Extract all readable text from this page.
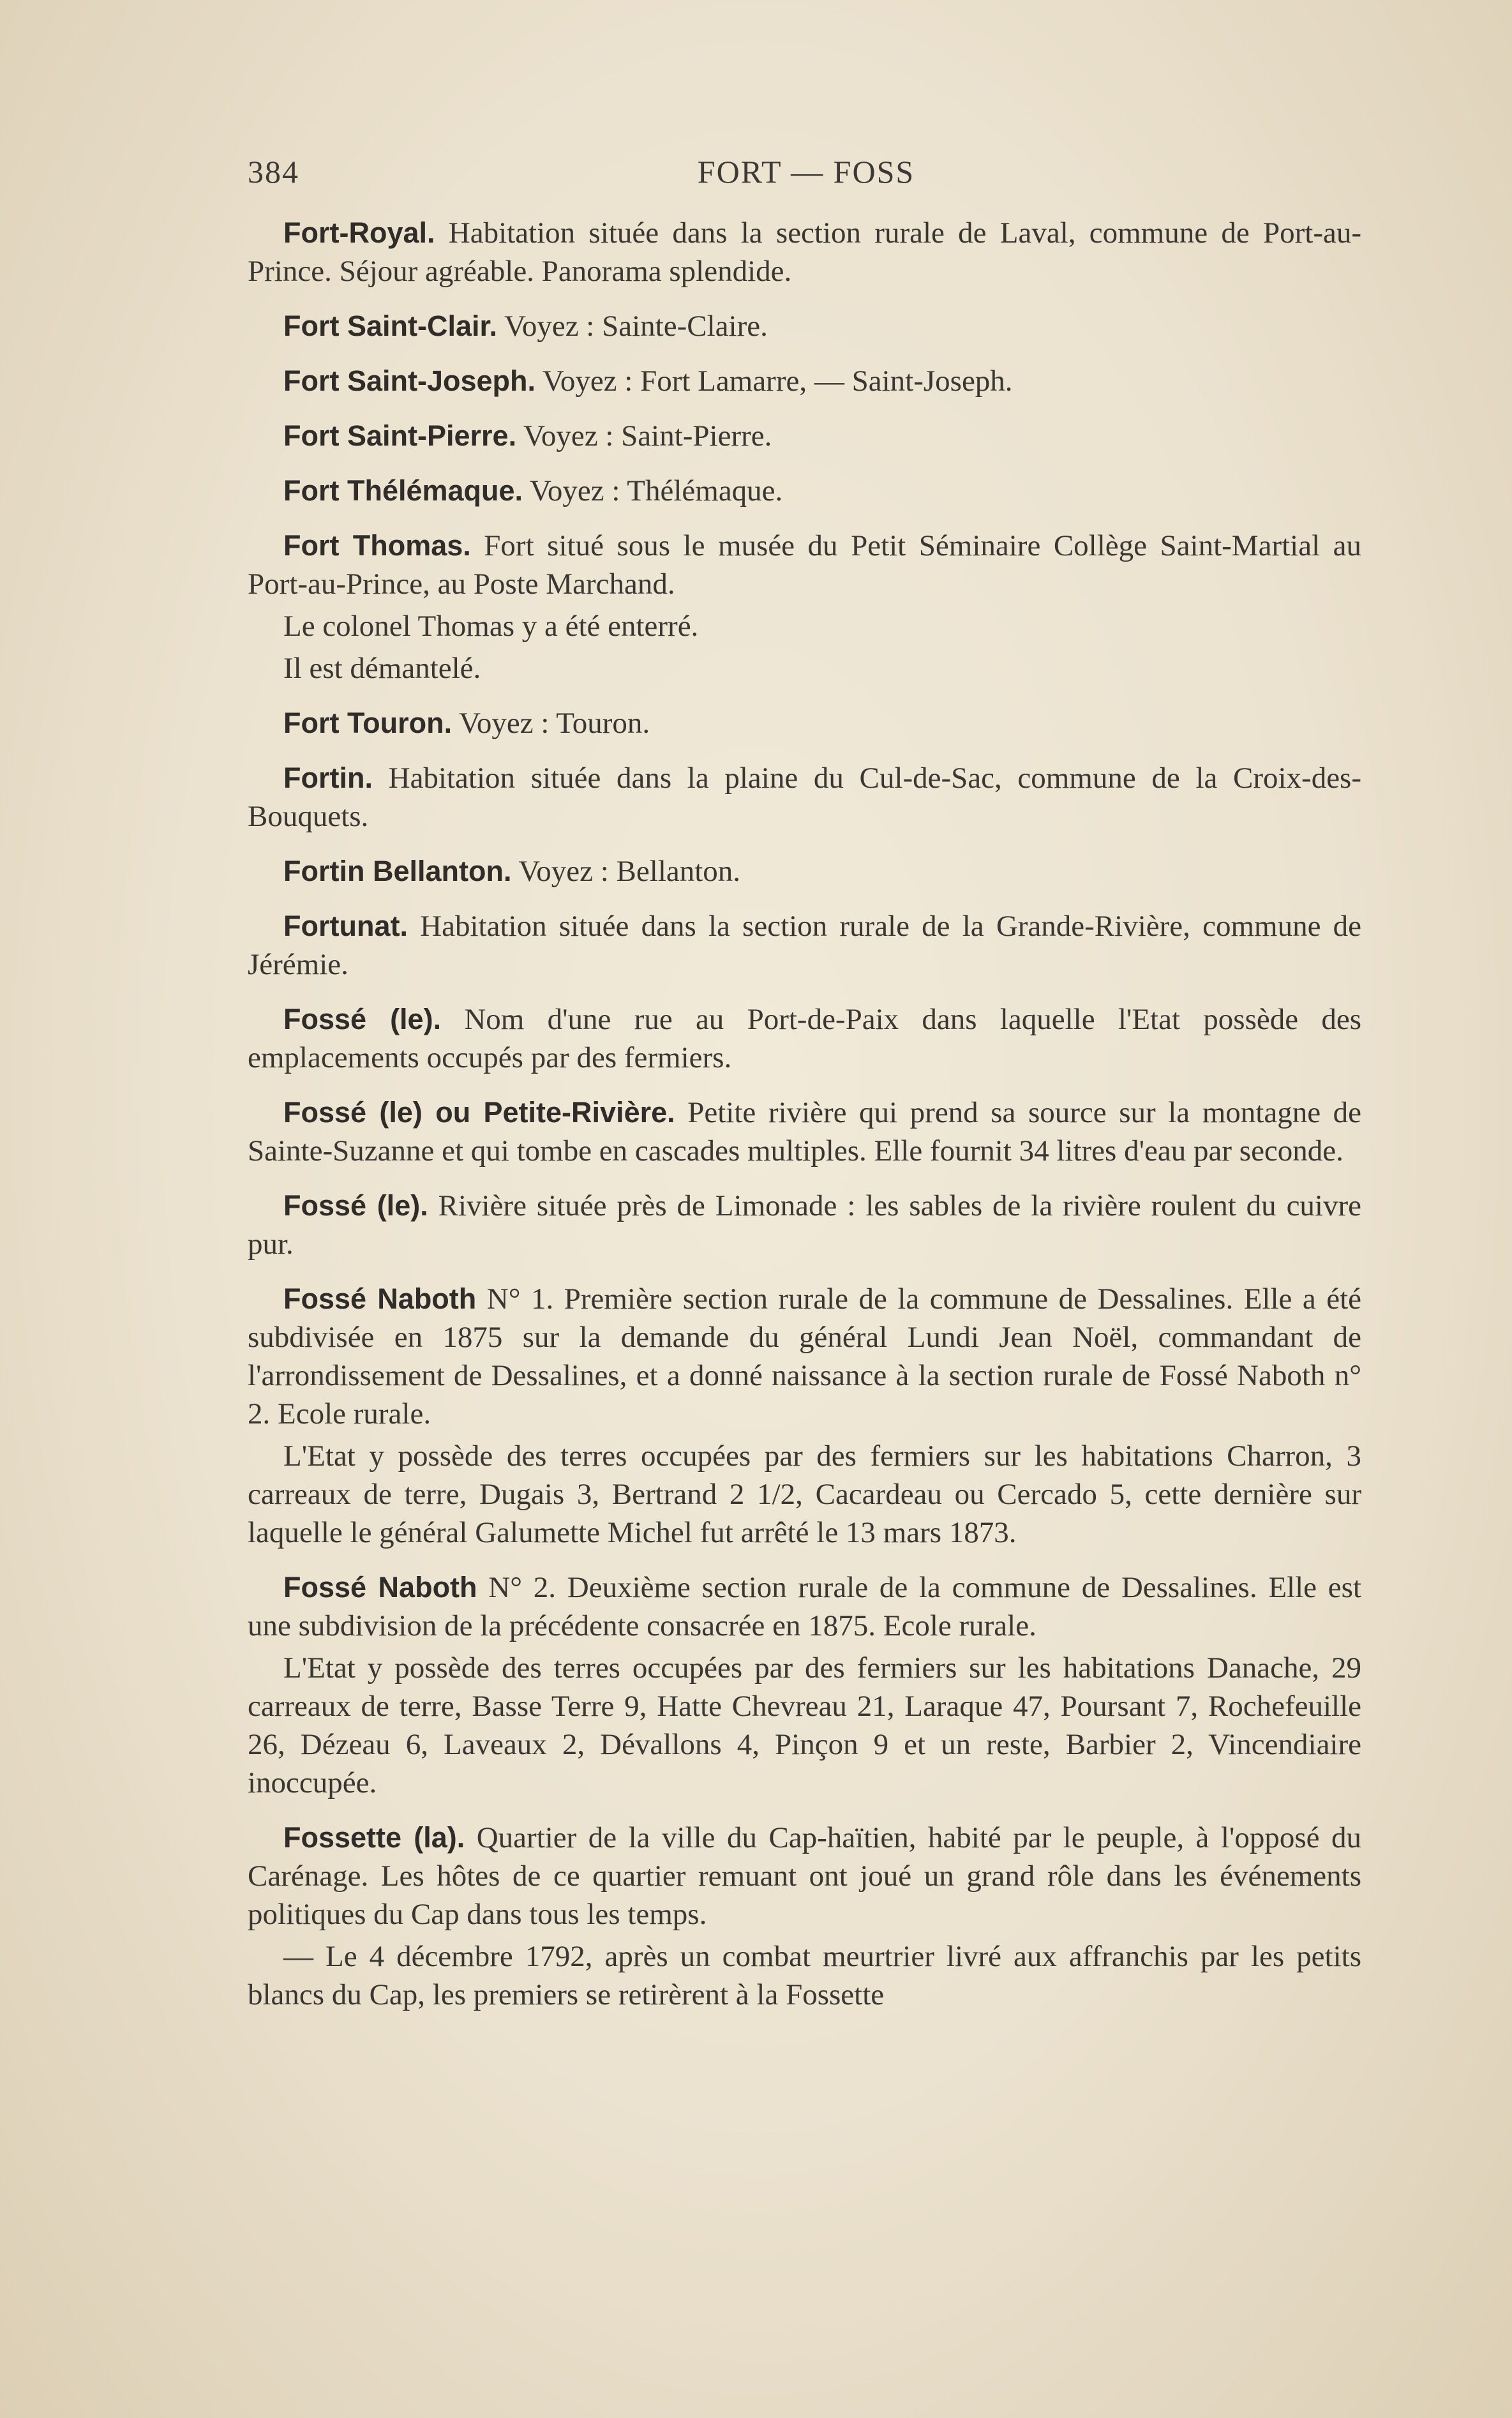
384	FORT — FOSS

Fort-Royal. Habitation située dans la section rurale de Laval, commune de Port-au-Prince. Séjour agréable. Panorama splendide.

Fort Saint-Clair. Voyez : Sainte-Claire.

Fort Saint-Joseph. Voyez : Fort Lamarre, — Saint-Joseph.

Fort Saint-Pierre. Voyez : Saint-Pierre.

Fort Thélémaque. Voyez : Thélémaque.

Fort Thomas. Fort situé sous le musée du Petit Séminaire Collège Saint-Martial au Port-au-Prince, au Poste Marchand.

Le colonel Thomas y a été enterré.

Il est démantelé.

Fort Touron. Voyez : Touron.

Fortin. Habitation située dans la plaine du Cul-de-Sac, commune de la Croix-des-Bouquets.

Fortin Bellanton. Voyez : Bellanton.

Fortunat. Habitation située dans la section rurale de la Grande-Rivière, commune de Jérémie.

Fossé (le). Nom d'une rue au Port-de-Paix dans laquelle l'Etat possède des emplacements occupés par des fermiers.

Fossé (le) ou Petite-Rivière. Petite rivière qui prend sa source sur la montagne de Sainte-Suzanne et qui tombe en cascades multiples. Elle fournit 34 litres d'eau par seconde.

Fossé (le). Rivière située près de Limonade : les sables de la rivière roulent du cuivre pur.

Fossé Naboth N° 1. Première section rurale de la commune de Dessalines. Elle a été subdivisée en 1875 sur la demande du général Lundi Jean Noël, commandant de l'arrondissement de Dessalines, et a donné naissance à la section rurale de Fossé Naboth n° 2. Ecole rurale.

L'Etat y possède des terres occupées par des fermiers sur les habitations Charron, 3 carreaux de terre, Dugais 3, Bertrand 2 1/2, Cacardeau ou Cercado 5, cette dernière sur laquelle le général Galumette Michel fut arrêté le 13 mars 1873.

Fossé Naboth N° 2. Deuxième section rurale de la commune de Dessalines. Elle est une subdivision de la précédente consacrée en 1875. Ecole rurale.

L'Etat y possède des terres occupées par des fermiers sur les habitations Danache, 29 carreaux de terre, Basse Terre 9, Hatte Chevreau 21, Laraque 47, Poursant 7, Rochefeuille 26, Dézeau 6, Laveaux 2, Dévallons 4, Pinçon 9 et un reste, Barbier 2, Vincendiaire inoccupée.

Fossette (la). Quartier de la ville du Cap-haïtien, habité par le peuple, à l'opposé du Carénage. Les hôtes de ce quartier remuant ont joué un grand rôle dans les événements politiques du Cap dans tous les temps.

— Le 4 décembre 1792, après un combat meurtrier livré aux affranchis par les petits blancs du Cap, les premiers se retirèrent à la Fossette
